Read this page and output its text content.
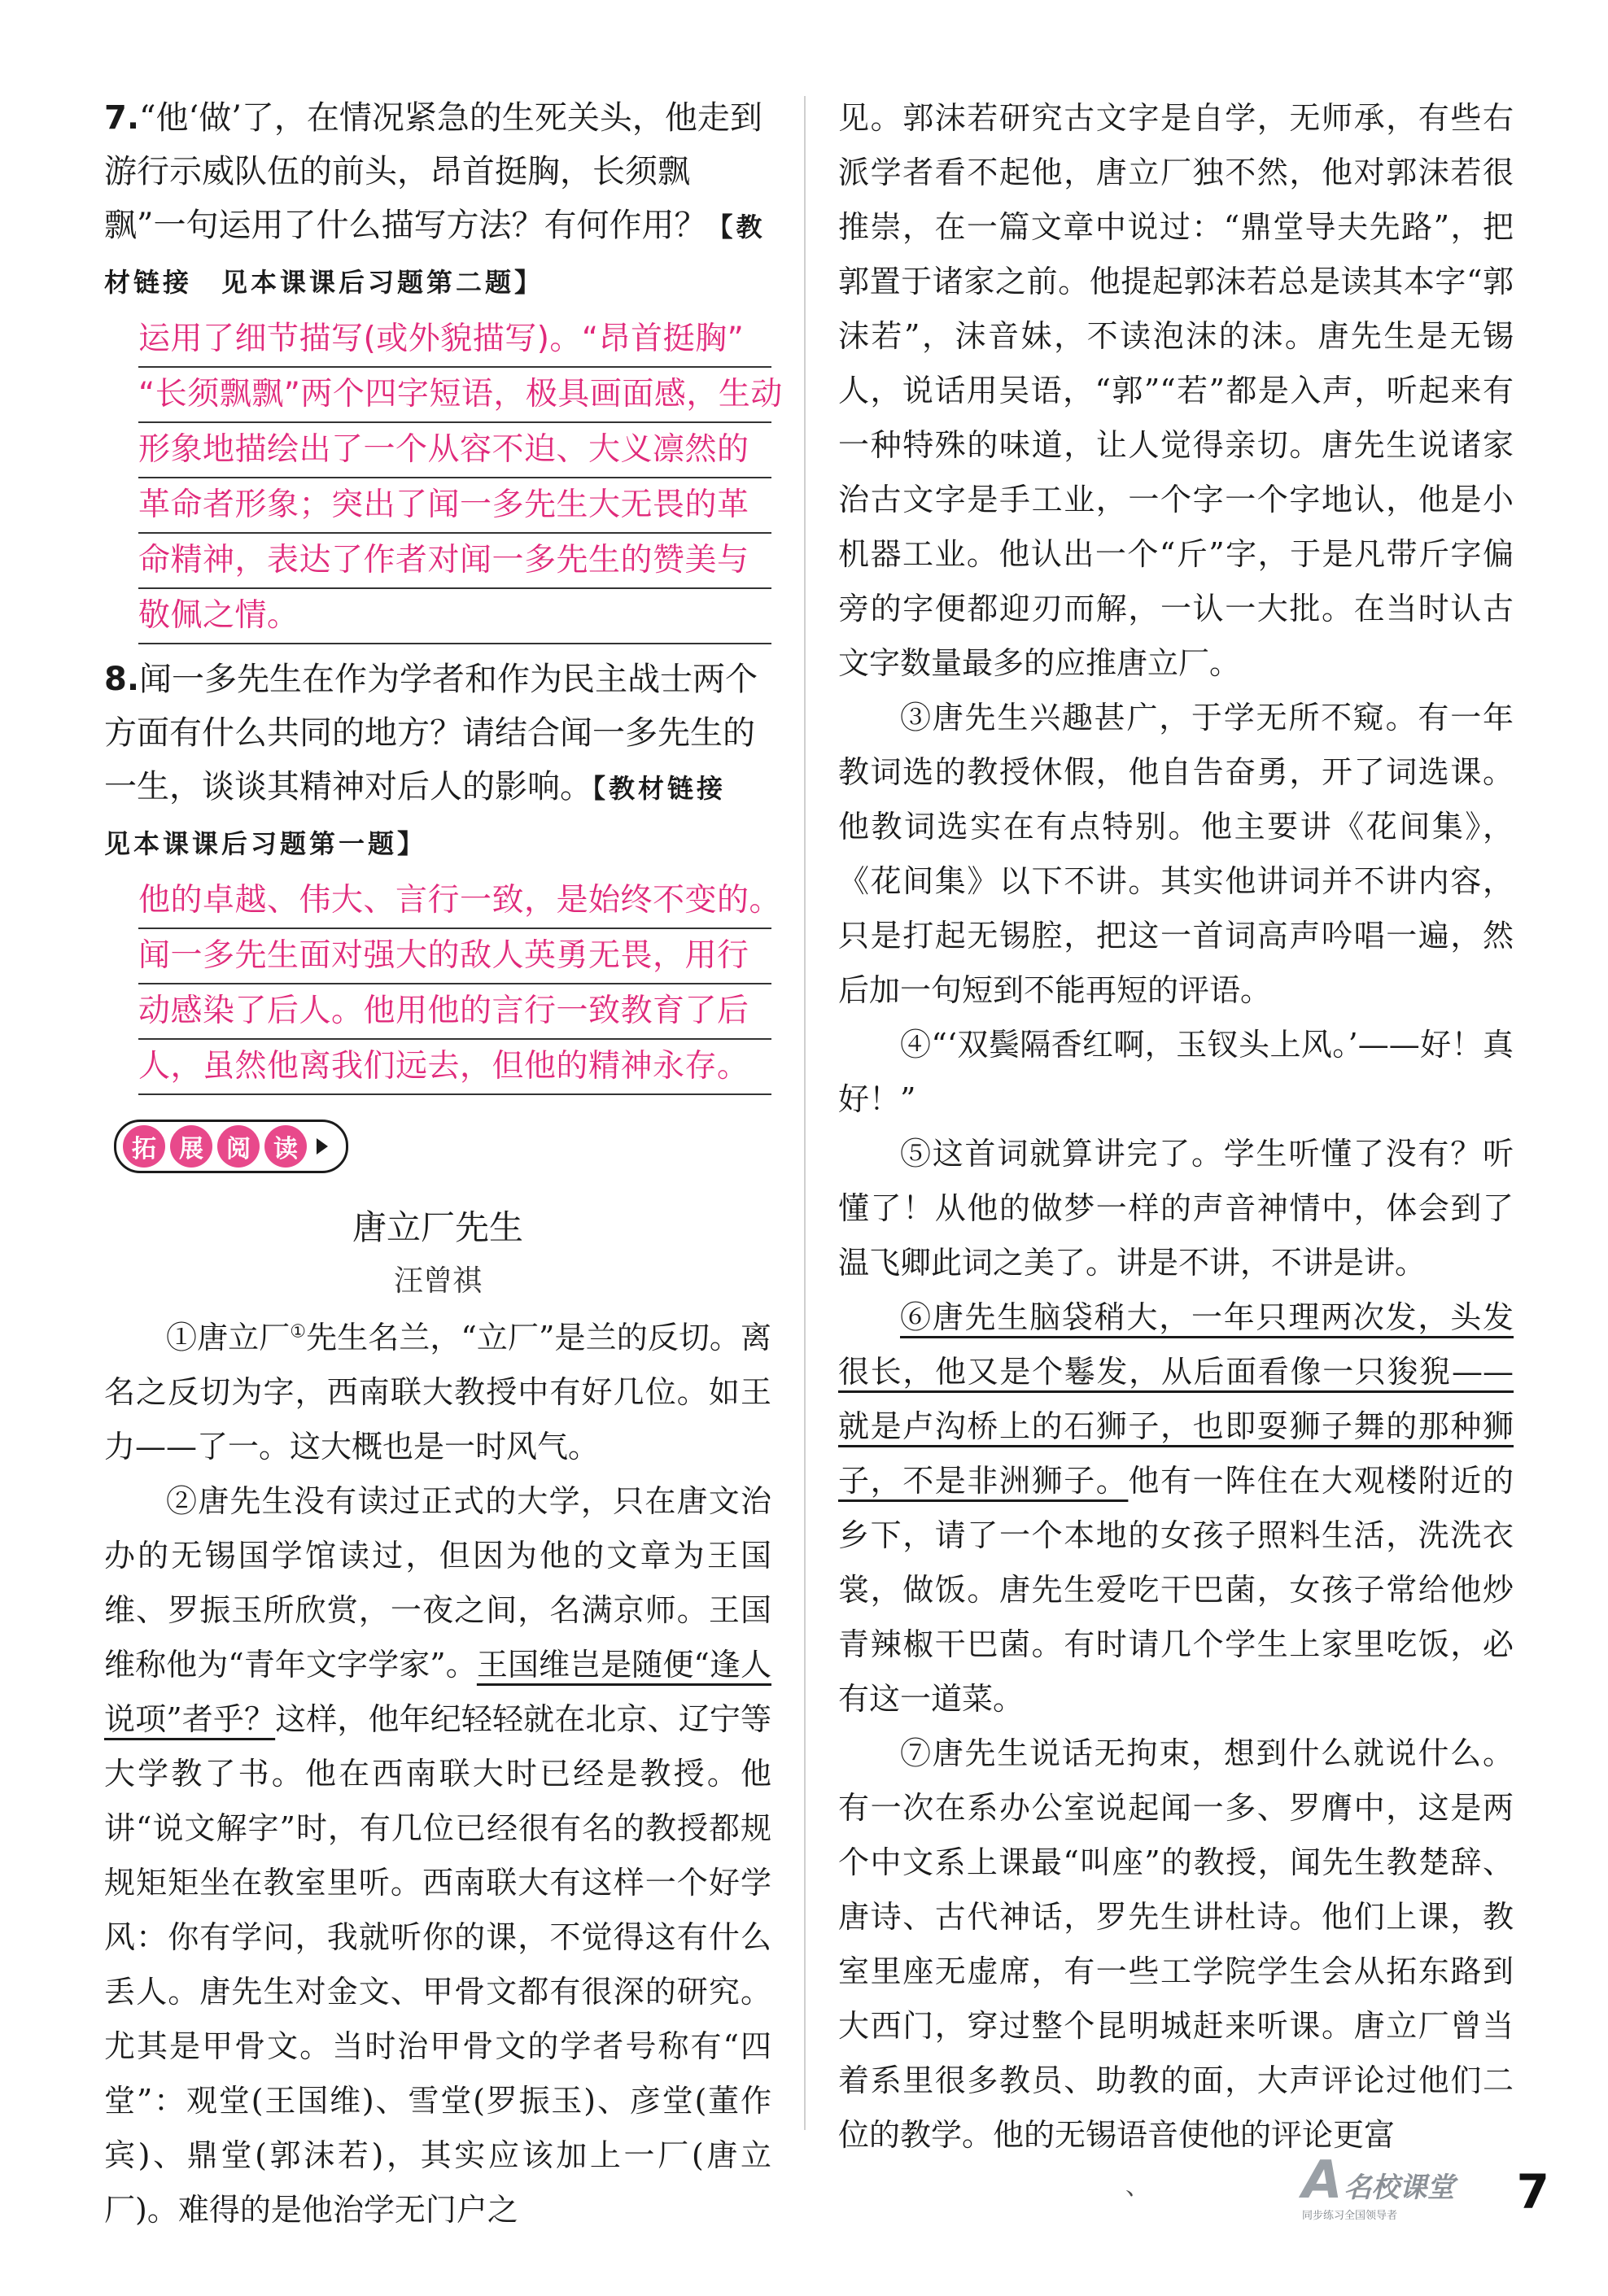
7.“他‘做’了，在情况紧急的生死关头，他走到游行示威队伍的前头，昂首挺胸，长须飘飘”一句运用了什么描写方法？有何作用？【教材链接　见本课课后习题第二题】

运用了细节描写(或外貌描写)。“昂首挺胸”
“长须飘飘”两个四字短语，极具画面感，生动
形象地描绘出了一个从容不迫、大义凛然的
革命者形象；突出了闻一多先生大无畏的革
命精神，表达了作者对闻一多先生的赞美与
敬佩之情。

8.闻一多先生在作为学者和作为民主战士两个方面有什么共同的地方？请结合闻一多先生的一生，谈谈其精神对后人的影响。【教材链接　见本课课后习题第一题】

他的卓越、伟大、言行一致，是始终不变的。
闻一多先生面对强大的敌人英勇无畏，用行
动感染了后人。他用他的言行一致教育了后
人，虽然他离我们远去，但他的精神永存。
拓 展 阅 读
唐立厂先生
汪曾祺

①唐立厂①先生名兰，“立厂”是兰的反切。离名之反切为字，西南联大教授中有好几位。如王力——了一。这大概也是一时风气。

②唐先生没有读过正式的大学，只在唐文治办的无锡国学馆读过，但因为他的文章为王国维、罗振玉所欣赏，一夜之间，名满京师。王国维称他为“青年文字学家”。王国维岂是随便“逢人说项”者乎？这样，他年纪轻轻就在北京、辽宁等大学教了书。他在西南联大时已经是教授。他讲“说文解字”时，有几位已经很有名的教授都规规矩矩坐在教室里听。西南联大有这样一个好学风：你有学问，我就听你的课，不觉得这有什么丢人。唐先生对金文、甲骨文都有很深的研究。尤其是甲骨文。当时治甲骨文的学者号称有“四堂”：观堂(王国维)、雪堂(罗振玉)、彦堂(董作宾)、鼎堂(郭沫若)，其实应该加上一厂(唐立厂)。难得的是他治学无门户之

见。郭沫若研究古文字是自学，无师承，有些右派学者看不起他，唐立厂独不然，他对郭沫若很推崇，在一篇文章中说过：“鼎堂导夫先路”，把郭置于诸家之前。他提起郭沫若总是读其本字“郭沫若”，沫音妹，不读泡沫的沫。唐先生是无锡人，说话用吴语，“郭”“若”都是入声，听起来有一种特殊的味道，让人觉得亲切。唐先生说诸家治古文字是手工业，一个字一个字地认，他是小机器工业。他认出一个“斤”字，于是凡带斤字偏旁的字便都迎刃而解，一认一大批。在当时认古文字数量最多的应推唐立厂。

③唐先生兴趣甚广，于学无所不窥。有一年教词选的教授休假，他自告奋勇，开了词选课。他教词选实在有点特别。他主要讲《花间集》，《花间集》以下不讲。其实他讲词并不讲内容，只是打起无锡腔，把这一首词高声吟唱一遍，然后加一句短到不能再短的评语。

④“‘双鬓隔香红啊，玉钗头上风。’——好！真好！”

⑤这首词就算讲完了。学生听懂了没有？听懂了！从他的做梦一样的声音神情中，体会到了温飞卿此词之美了。讲是不讲，不讲是讲。

⑥唐先生脑袋稍大，一年只理两次发，头发很长，他又是个鬈发，从后面看像一只狻猊——就是卢沟桥上的石狮子，也即耍狮子舞的那种狮子，不是非洲狮子。他有一阵住在大观楼附近的乡下，请了一个本地的女孩子照料生活，洗洗衣裳，做饭。唐先生爱吃干巴菌，女孩子常给他炒青辣椒干巴菌。有时请几个学生上家里吃饭，必有这一道菜。

⑦唐先生说话无拘束，想到什么就说什么。有一次在系办公室说起闻一多、罗膺中，这是两个中文系上课最“叫座”的教授，闻先生教楚辞、唐诗、古代神话，罗先生讲杜诗。他们上课，教室里座无虚席，有一些工学院学生会从拓东路到大西门，穿过整个昆明城赶来听课。唐立厂曾当着系里很多教员、助教的面，大声评论过他们二位的教学。他的无锡语音使他的评论更富

、	A 名校课堂
同步练习全国领导者	7
